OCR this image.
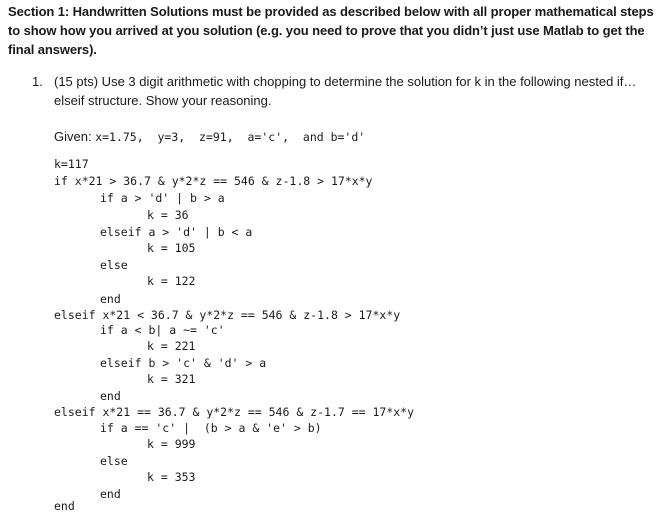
Section 1: Handwritten Solutions must be provided as described below with all proper mathematical steps to show how you arrived at you solution (e.g. you need to prove that you didn’t just use Matlab to get the final answers).
1. (15 pts) Use 3 digit arithmetic with chopping to determine the solution for k in the following nested if…elseif structure. Show your reasoning.
Given: x=1.75,  y=3,  z=91,  a='c',  and b='d'
k=117
if x*21 > 36.7 & y*2*z == 546 & z-1.8 > 17*x*y
if a > 'd' | b > a
k = 36
elseif a > 'd' | b < a
k = 105
else
k = 122
end
elseif x*21 < 36.7 & y*2*z == 546 & z-1.8 > 17*x*y
if a < b| a ~= 'c'
k = 221
elseif b > 'c' & 'd' > a
k = 321
end
elseif x*21 == 36.7 & y*2*z == 546 & z-1.7 == 17*x*y
if a == 'c' |  (b > a & 'e' > b)
k = 999
else
k = 353
end
end
